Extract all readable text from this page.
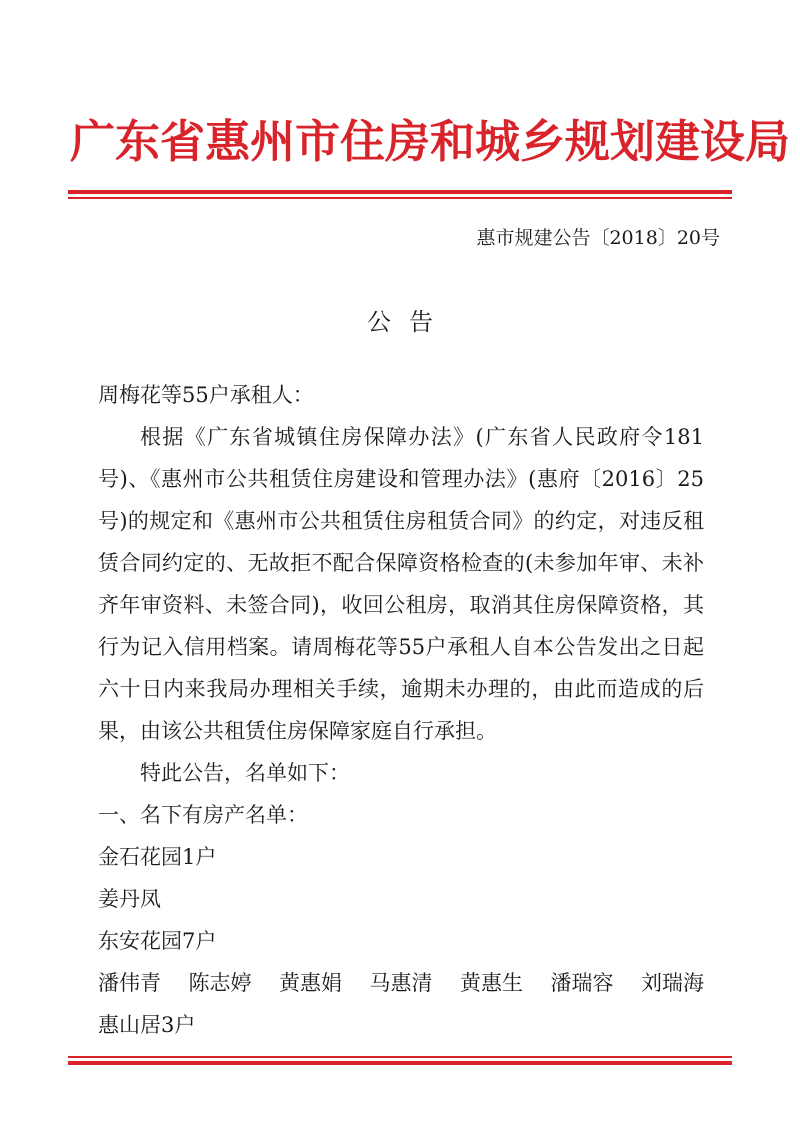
广东省惠州市住房和城乡规划建设局
惠市规建公告〔2018〕20号
公告

周梅花等55户承租人：

根据《广东省城镇住房保障办法》(广东省人民政府令181号)、《惠州市公共租赁住房建设和管理办法》(惠府〔2016〕25号)的规定和《惠州市公共租赁住房租赁合同》的约定，对违反租赁合同约定的、无故拒不配合保障资格检查的(未参加年审、未补齐年审资料、未签合同)，收回公租房，取消其住房保障资格，其行为记入信用档案。请周梅花等55户承租人自本公告发出之日起六十日内来我局办理相关手续，逾期未办理的，由此而造成的后果，由该公共租赁住房保障家庭自行承担。

特此公告，名单如下：

一、名下有房产名单：

金石花园1户

姜丹凤

东安花园7户

潘伟青 陈志婷 黄惠娟 马惠清 黄惠生 潘瑞容 刘瑞海

惠山居3户
